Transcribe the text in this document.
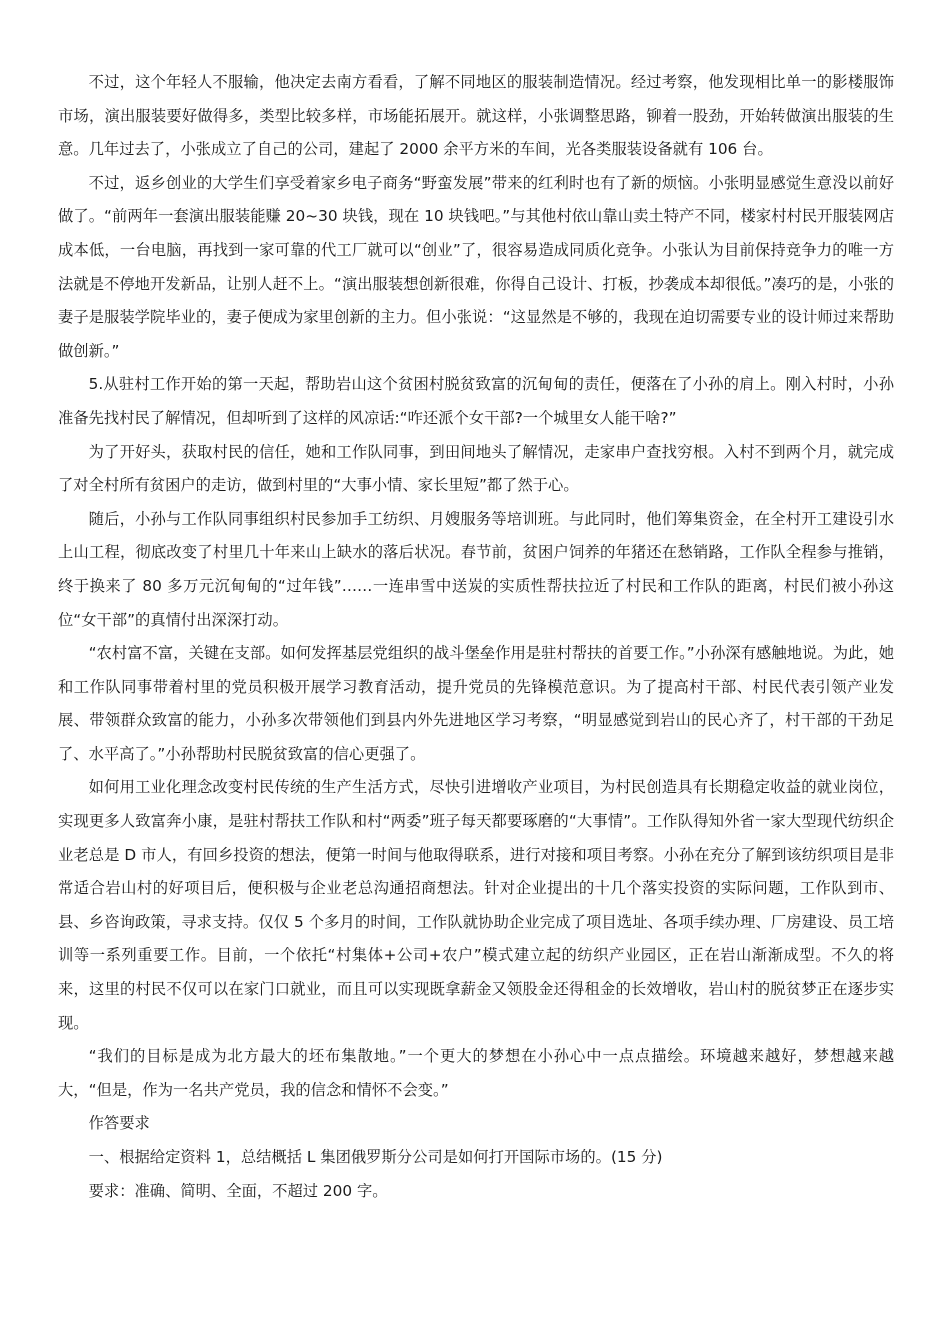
不过，这个年轻人不服输，他决定去南方看看，了解不同地区的服装制造情况。经过考察，他发现相比单一的影楼服饰市场，演出服装要好做得多，类型比较多样，市场能拓展开。就这样，小张调整思路，铆着一股劲，开始转做演出服装的生意。几年过去了，小张成立了自己的公司，建起了 2000 余平方米的车间，光各类服装设备就有 106 台。

不过，返乡创业的大学生们享受着家乡电子商务“野蛮发展”带来的红利时也有了新的烦恼。小张明显感觉生意没以前好做了。“前两年一套演出服装能赚 20~30 块钱，现在 10 块钱吧。”与其他村依山靠山卖土特产不同，楼家村村民开服装网店成本低，一台电脑，再找到一家可靠的代工厂就可以“创业”了，很容易造成同质化竞争。小张认为目前保持竞争力的唯一方法就是不停地开发新品，让别人赶不上。“演出服装想创新很难，你得自己设计、打板，抄袭成本却很低。”凑巧的是，小张的妻子是服装学院毕业的，妻子便成为家里创新的主力。但小张说：“这显然是不够的，我现在迫切需要专业的设计师过来帮助做创新。”

5.从驻村工作开始的第一天起，帮助岩山这个贫困村脱贫致富的沉甸甸的责任，便落在了小孙的肩上。刚入村时，小孙准备先找村民了解情况，但却听到了这样的风凉话:“咋还派个女干部?一个城里女人能干啥?”

为了开好头，获取村民的信任，她和工作队同事，到田间地头了解情况，走家串户查找穷根。入村不到两个月，就完成了对全村所有贫困户的走访，做到村里的“大事小情、家长里短”都了然于心。

随后，小孙与工作队同事组织村民参加手工纺织、月嫂服务等培训班。与此同时，他们筹集资金，在全村开工建设引水上山工程，彻底改变了村里几十年来山上缺水的落后状况。春节前，贫困户饲养的年猪还在愁销路，工作队全程参与推销，终于换来了 80 多万元沉甸甸的“过年钱”……一连串雪中送炭的实质性帮扶拉近了村民和工作队的距离，村民们被小孙这位“女干部”的真情付出深深打动。

“农村富不富，关键在支部。如何发挥基层党组织的战斗堡垒作用是驻村帮扶的首要工作。”小孙深有感触地说。为此，她和工作队同事带着村里的党员积极开展学习教育活动，提升党员的先锋模范意识。为了提高村干部、村民代表引领产业发展、带领群众致富的能力，小孙多次带领他们到县内外先进地区学习考察，“明显感觉到岩山的民心齐了，村干部的干劲足了、水平高了。”小孙帮助村民脱贫致富的信心更强了。

如何用工业化理念改变村民传统的生产生活方式，尽快引进增收产业项目，为村民创造具有长期稳定收益的就业岗位，实现更多人致富奔小康，是驻村帮扶工作队和村“两委”班子每天都要琢磨的“大事情”。工作队得知外省一家大型现代纺织企业老总是 D 市人，有回乡投资的想法，便第一时间与他取得联系，进行对接和项目考察。小孙在充分了解到该纺织项目是非常适合岩山村的好项目后，便积极与企业老总沟通招商想法。针对企业提出的十几个落实投资的实际问题，工作队到市、县、乡咨询政策，寻求支持。仅仅 5 个多月的时间，工作队就协助企业完成了项目选址、各项手续办理、厂房建设、员工培训等一系列重要工作。目前，一个依托“村集体+公司+农户”模式建立起的纺织产业园区，正在岩山渐渐成型。不久的将来，这里的村民不仅可以在家门口就业，而且可以实现既拿薪金又领股金还得租金的长效增收，岩山村的脱贫梦正在逐步实现。

“我们的目标是成为北方最大的坯布集散地。”一个更大的梦想在小孙心中一点点描绘。环境越来越好，梦想越来越大，“但是，作为一名共产党员，我的信念和情怀不会变。”

作答要求

一、根据给定资料 1，总结概括 L 集团俄罗斯分公司是如何打开国际市场的。(15 分)

要求：准确、简明、全面，不超过 200 字。
